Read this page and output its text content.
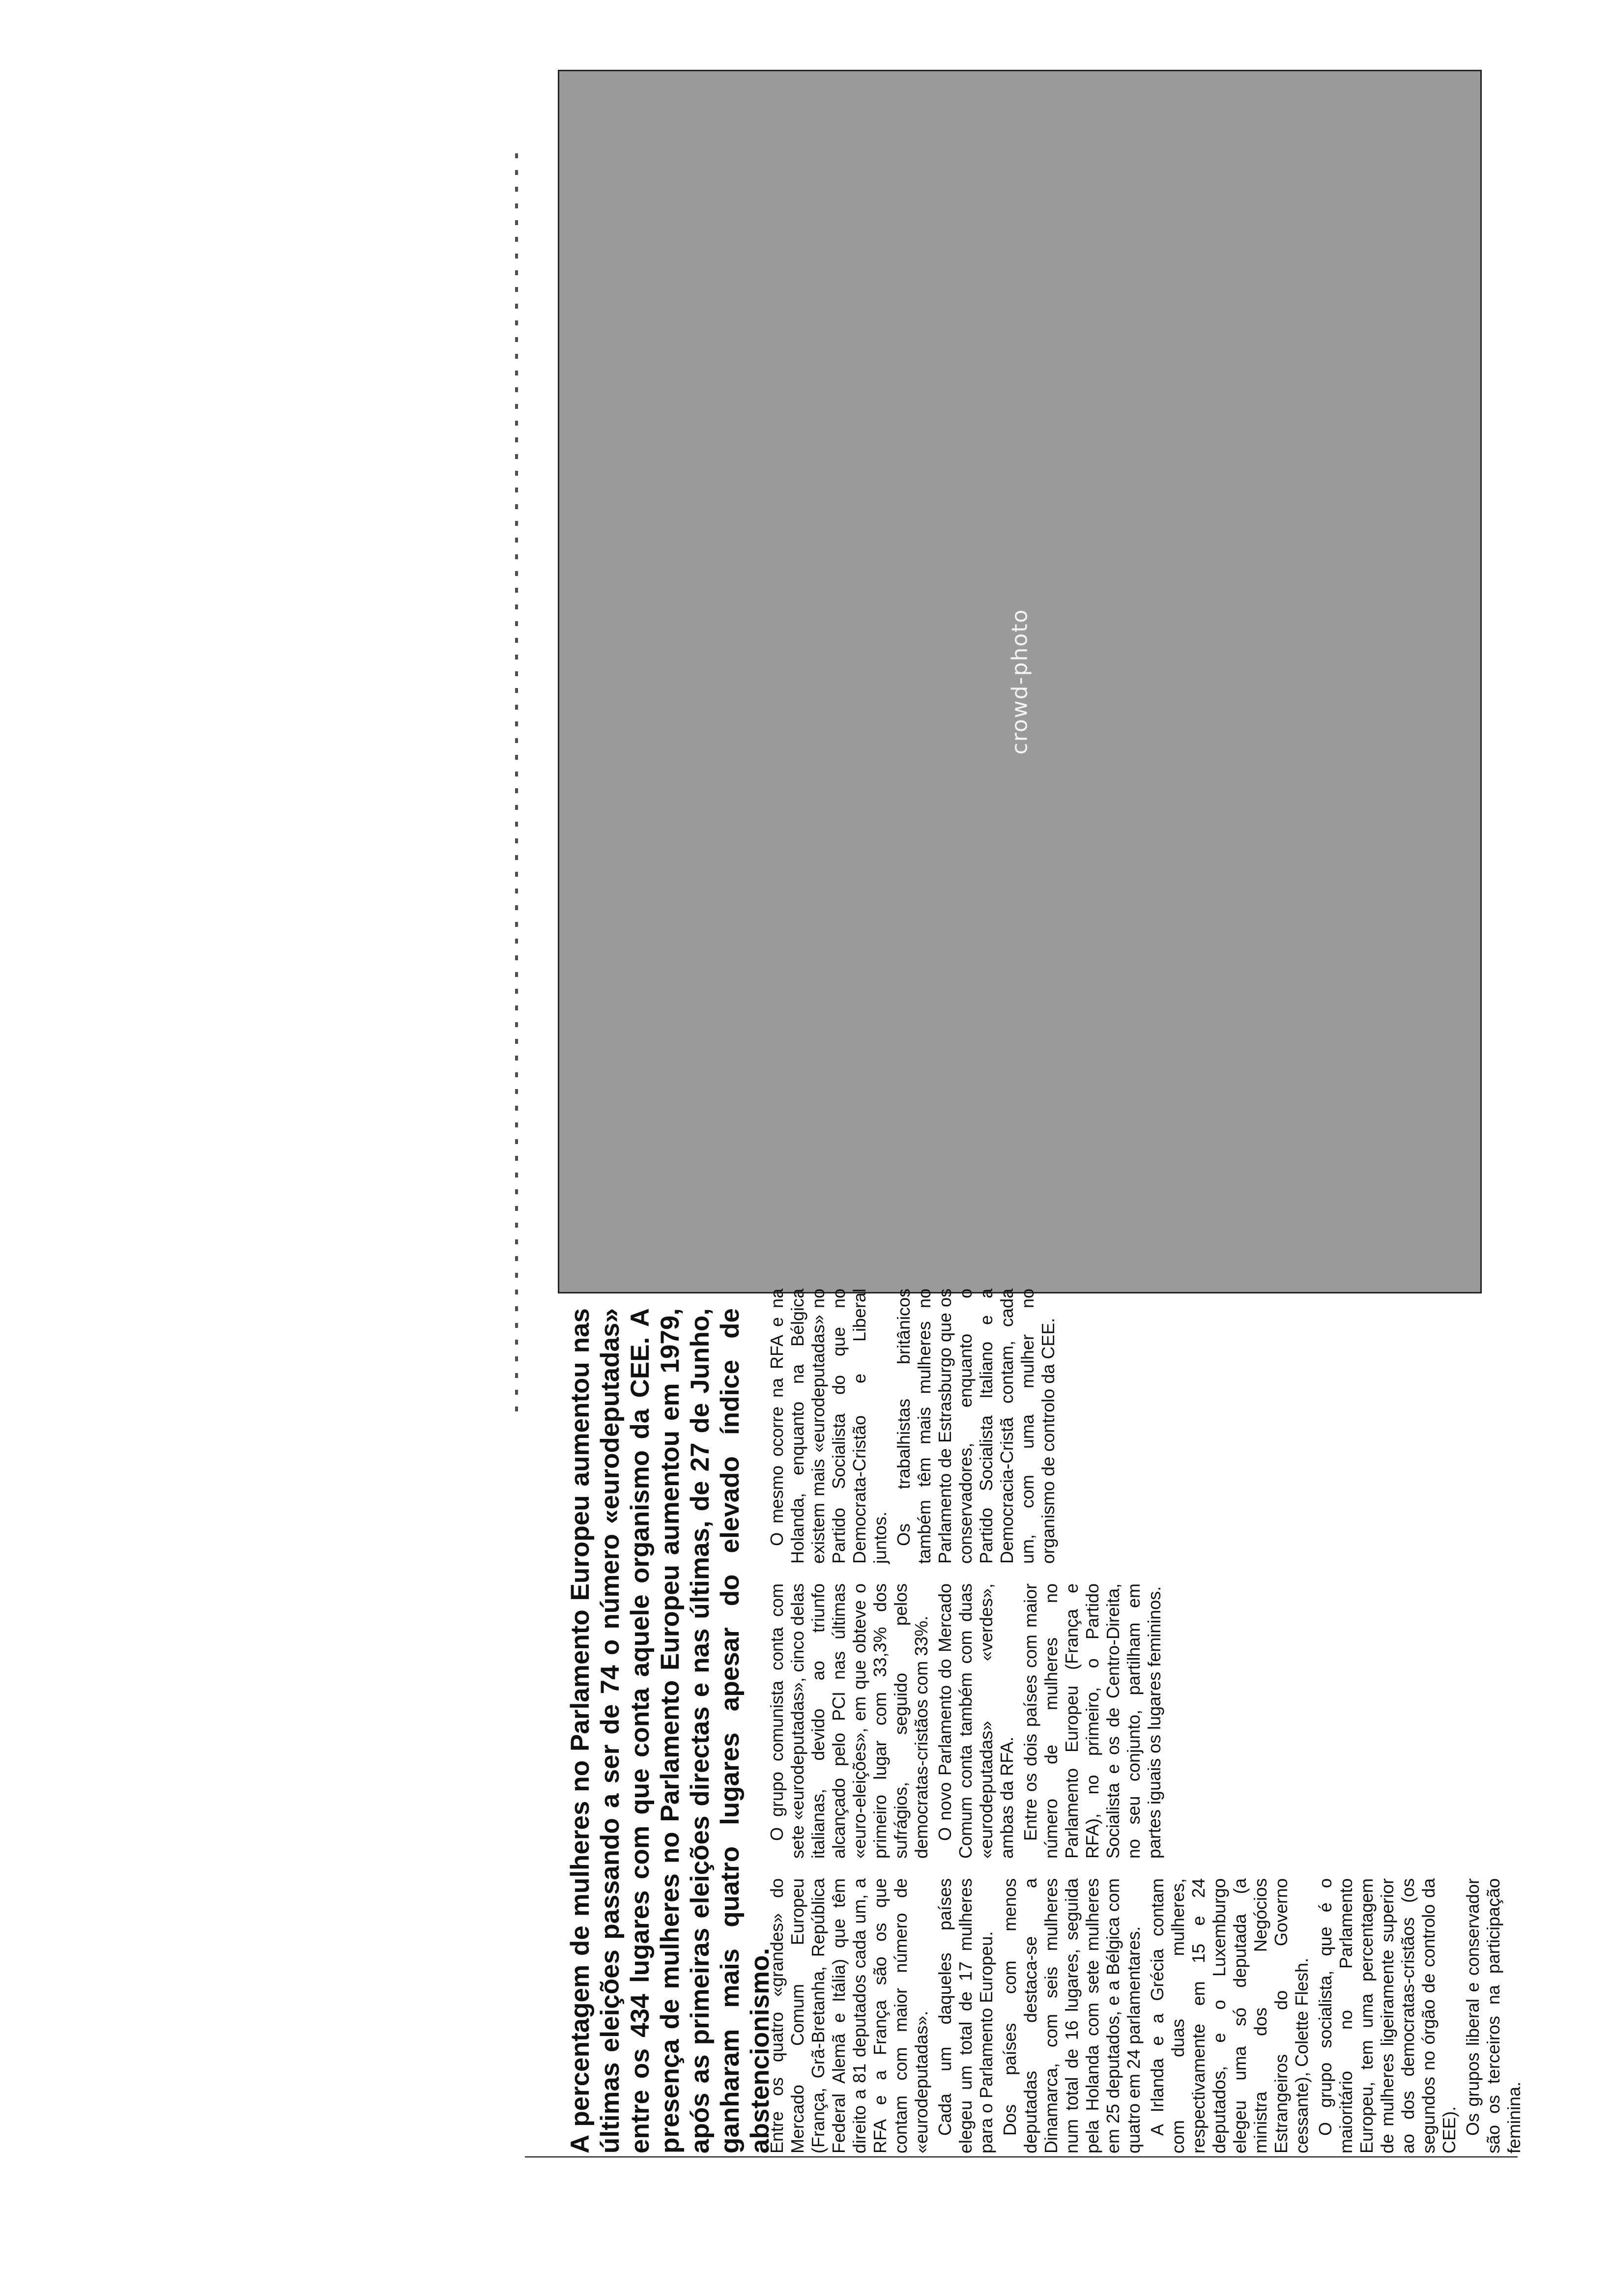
crowd-photo

A percentagem de mulheres no Parlamento Europeu aumentou nas últimas eleições passando a ser de 74 o número «eurodeputadas» entre os 434 lugares com que conta aquele organismo da CEE. A presença de mulheres no Parlamento Europeu aumentou em 1979, após as primeiras eleições directas e nas últimas, de 27 de Junho, ganharam mais quatro lugares apesar do elevado índice de abstencionismo.

Entre os quatro «grandes» do Mercado Comum Europeu (França, Grã-Bretanha, República Federal Alemã e Itália) que têm direito a 81 deputados cada um, a RFA e a França são os que contam com maior número de «eurodeputadas». Cada um daqueles países elegeu um total de 17 mulheres para o Parlamento Europeu. Dos países com menos deputadas destaca-se a Dinamarca, com seis mulheres num total de 16 lugares, seguida pela Holanda com sete mulheres em 25 deputados, e a Bélgica com quatro em 24 parlamentares. A Irlanda e a Grécia contam com duas mulheres, respectivamente em 15 e 24 deputados, e o Luxemburgo elegeu uma só deputada (a ministra dos Negócios Estrangeiros do Governo cessante), Colette Flesh. O grupo socialista, que é o maioritário no Parlamento Europeu, tem uma percentagem de mulheres ligeiramente superior ao dos democratas-cristãos (os segundos no órgão de controlo da CEE). Os grupos liberal e conservador são os terceiros na participação feminina.

O grupo comunista conta com sete «eurodeputadas», cinco delas italianas, devido ao triunfo alcançado pelo PCI nas últimas «euro-eleições», em que obteve o primeiro lugar com 33,3% dos sufrágios, seguido pelos democratas-cristãos com 33%. O novo Parlamento do Mercado Comum conta também com duas «eurodeputadas» «verdes», ambas da RFA. Entre os dois países com maior número de mulheres no Parlamento Europeu (França e RFA), no primeiro, o Partido Socialista e os de Centro-Direita, no seu conjunto, partilham em partes iguais os lugares femininos.

O mesmo ocorre na RFA e na Holanda, enquanto na Bélgica existem mais «eurodeputadas» no Partido Socialista do que no Democrata-Cristão e Liberal juntos. Os trabalhistas britânicos também têm mais mulheres no Parlamento de Estrasburgo que os conservadores, enquanto o Partido Socialista Italiano e a Democracia-Cristã contam, cada um, com uma mulher no organismo de controlo da CEE.
